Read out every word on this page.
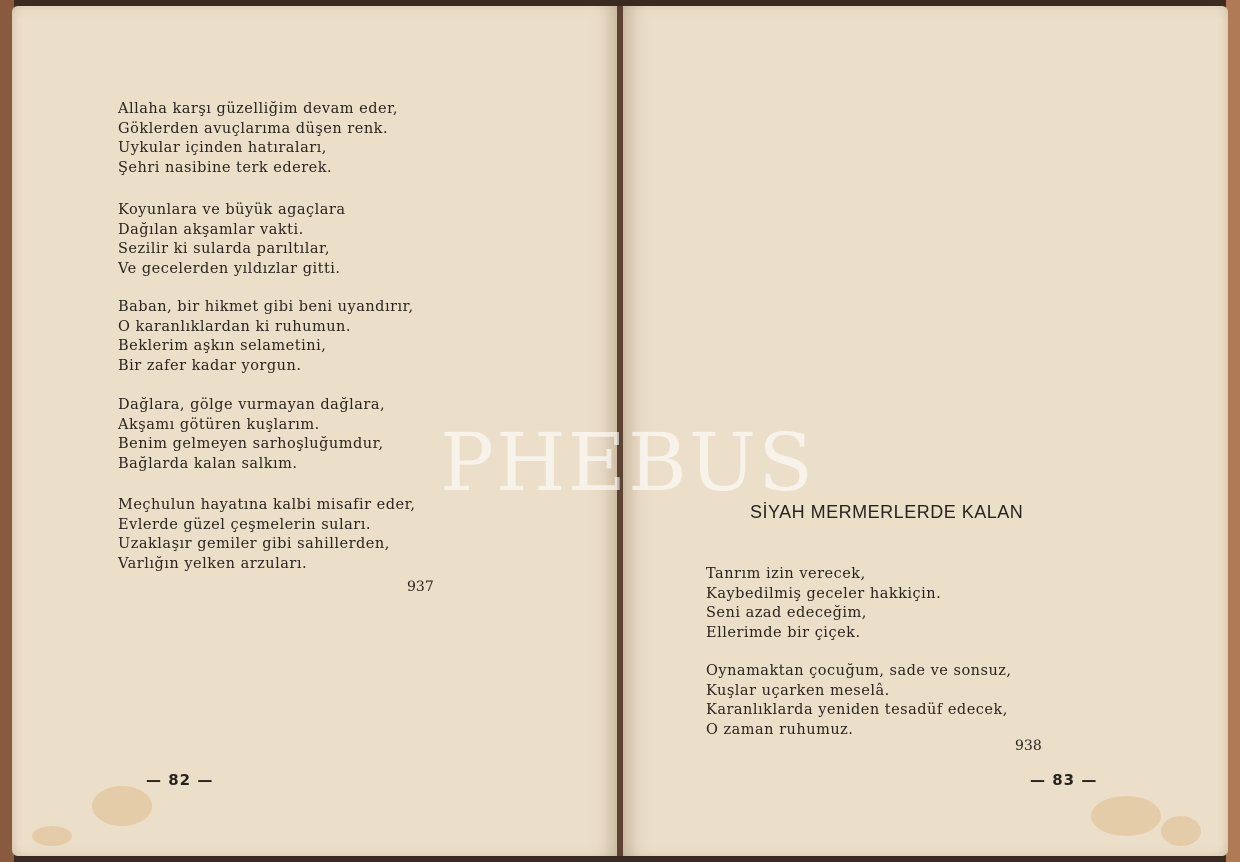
Allaha karşı güzelliğim devam eder,
Göklerden avuçlarıma düşen renk.
Uykular içinden hatıraları,
Şehri nasibine terk ederek.
Koyunlara ve büyük agaçlara
Dağılan akşamlar vakti.
Sezilir ki sularda parıltılar,
Ve gecelerden yıldızlar gitti.
Baban, bir hikmet gibi beni uyandırır,
O karanlıklardan ki ruhumun.
Beklerim aşkın selametini,
Bir zafer kadar yorgun.
Dağlara, gölge vurmayan dağlara,
Akşamı götüren kuşlarım.
Benim gelmeyen sarhoşluğumdur,
Bağlarda kalan salkım.
Meçhulun hayatına kalbi misafir eder,
Evlerde güzel çeşmelerin suları.
Uzaklaşır gemiler gibi sahillerden,
Varlığın yelken arzuları.
937
— 82 —
SİYAH MERMERLERDE KALAN
Tanrım izin verecek,
Kaybedilmiş geceler hakkiçin.
Seni azad edeceğim,
Ellerimde bir çiçek.
Oynamaktan çocuğum, sade ve sonsuz,
Kuşlar uçarken meselâ.
Karanlıklarda yeniden tesadüf edecek,
O zaman ruhumuz.
938
— 83 —
PHEBUS
